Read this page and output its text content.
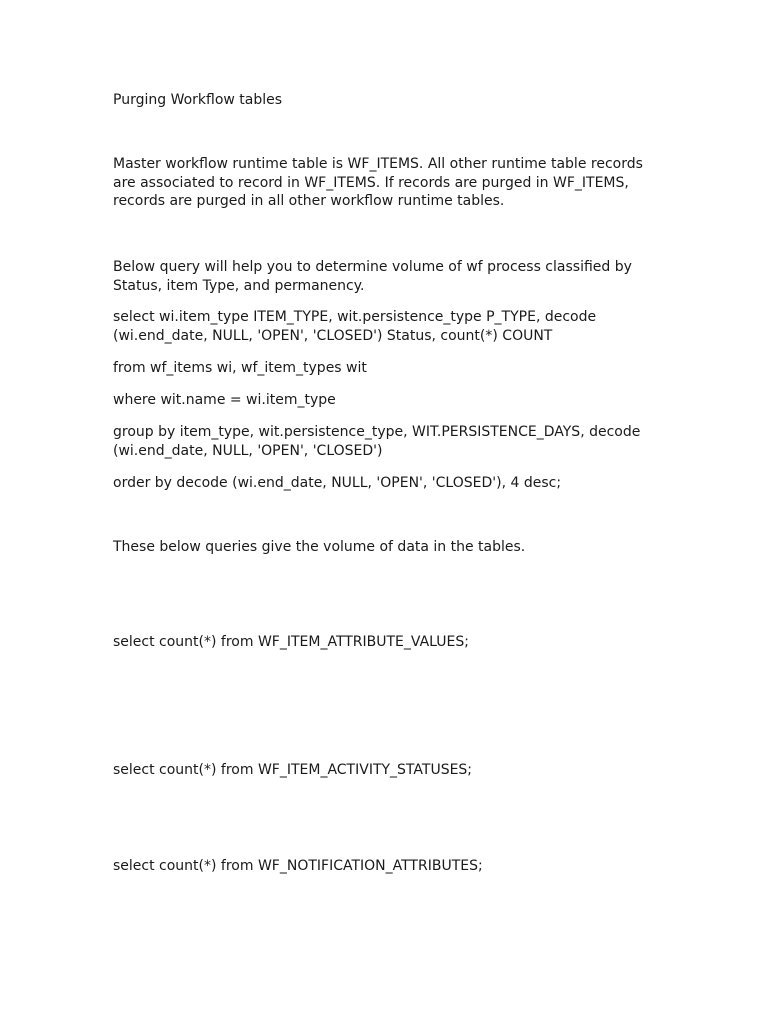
Purging Workflow tables

Master workflow runtime table is WF_ITEMS. All other runtime table records
are associated to record in WF_ITEMS. If records are purged in WF_ITEMS,
records are purged in all other workflow runtime tables.

Below query will help you to determine volume of wf process classified by
Status, item Type, and permanency.

select wi.item_type ITEM_TYPE, wit.persistence_type P_TYPE, decode
(wi.end_date, NULL, 'OPEN', 'CLOSED') Status, count(*) COUNT

from wf_items wi, wf_item_types wit

where wit.name = wi.item_type

group by item_type, wit.persistence_type, WIT.PERSISTENCE_DAYS, decode
(wi.end_date, NULL, 'OPEN', 'CLOSED')

order by decode (wi.end_date, NULL, 'OPEN', 'CLOSED'), 4 desc;

These below queries give the volume of data in the tables.

select count(*) from WF_ITEM_ATTRIBUTE_VALUES;

select count(*) from WF_ITEM_ACTIVITY_STATUSES;

select count(*) from WF_NOTIFICATION_ATTRIBUTES;
